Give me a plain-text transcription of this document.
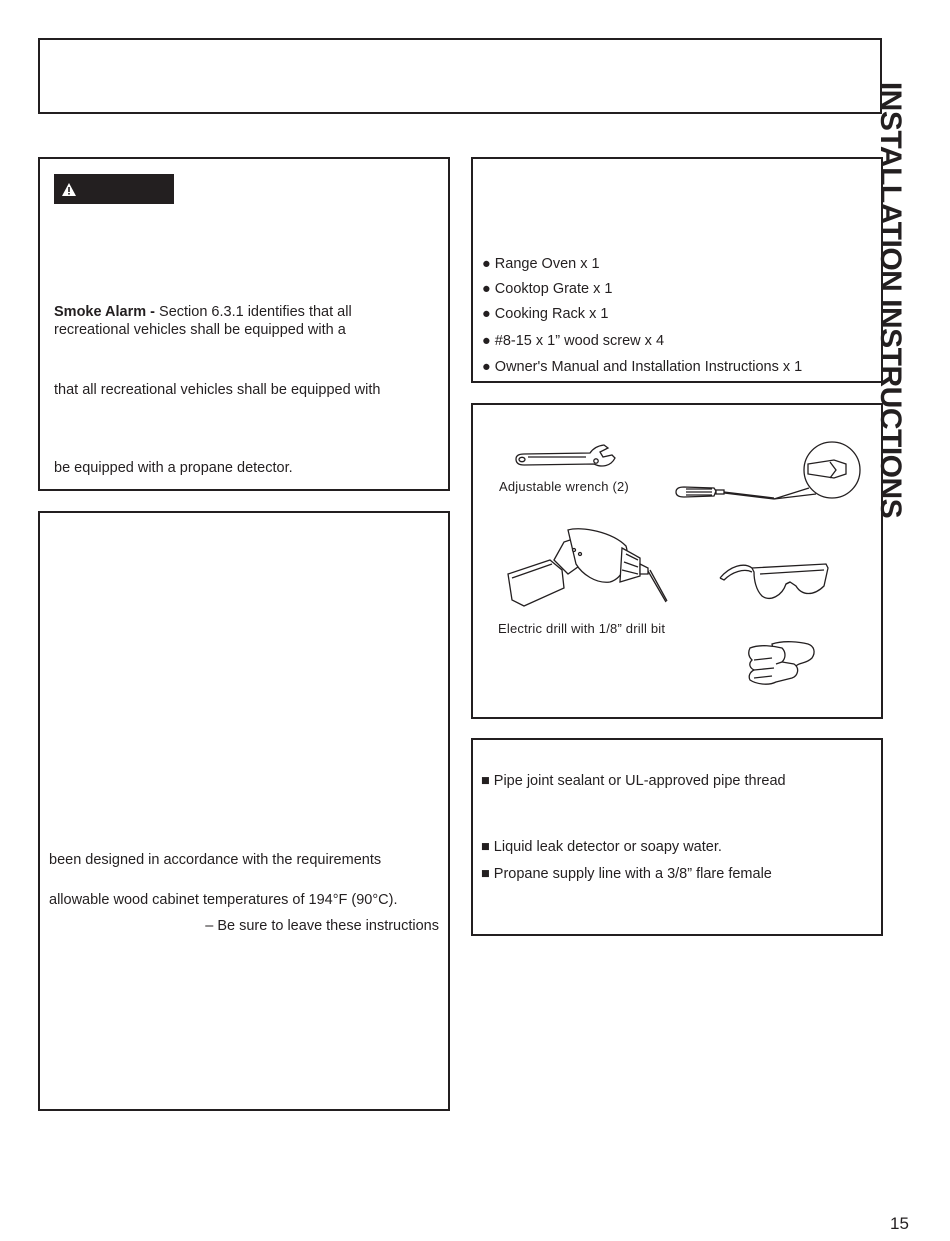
INSTALLATION INSTRUCTIONS
Smoke Alarm - Section 6.3.1 identifies that all
recreational vehicles shall be equipped with a
that all recreational vehicles shall be equipped with
be equipped with a propane detector.
been designed in accordance with the requirements
allowable wood cabinet temperatures of 194°F (90°C).
– Be sure to leave these instructions
● Range Oven x 1
● Cooktop Grate x 1
● Cooking Rack x 1
● #8-15 x 1” wood screw x 4
● Owner's Manual and Installation Instructions x 1
Adjustable wrench (2)
Electric drill with 1/8” drill bit
■ Pipe joint sealant or UL-approved pipe thread
■ Liquid leak detector or soapy water.
■ Propane supply line with a 3/8” flare female
15
